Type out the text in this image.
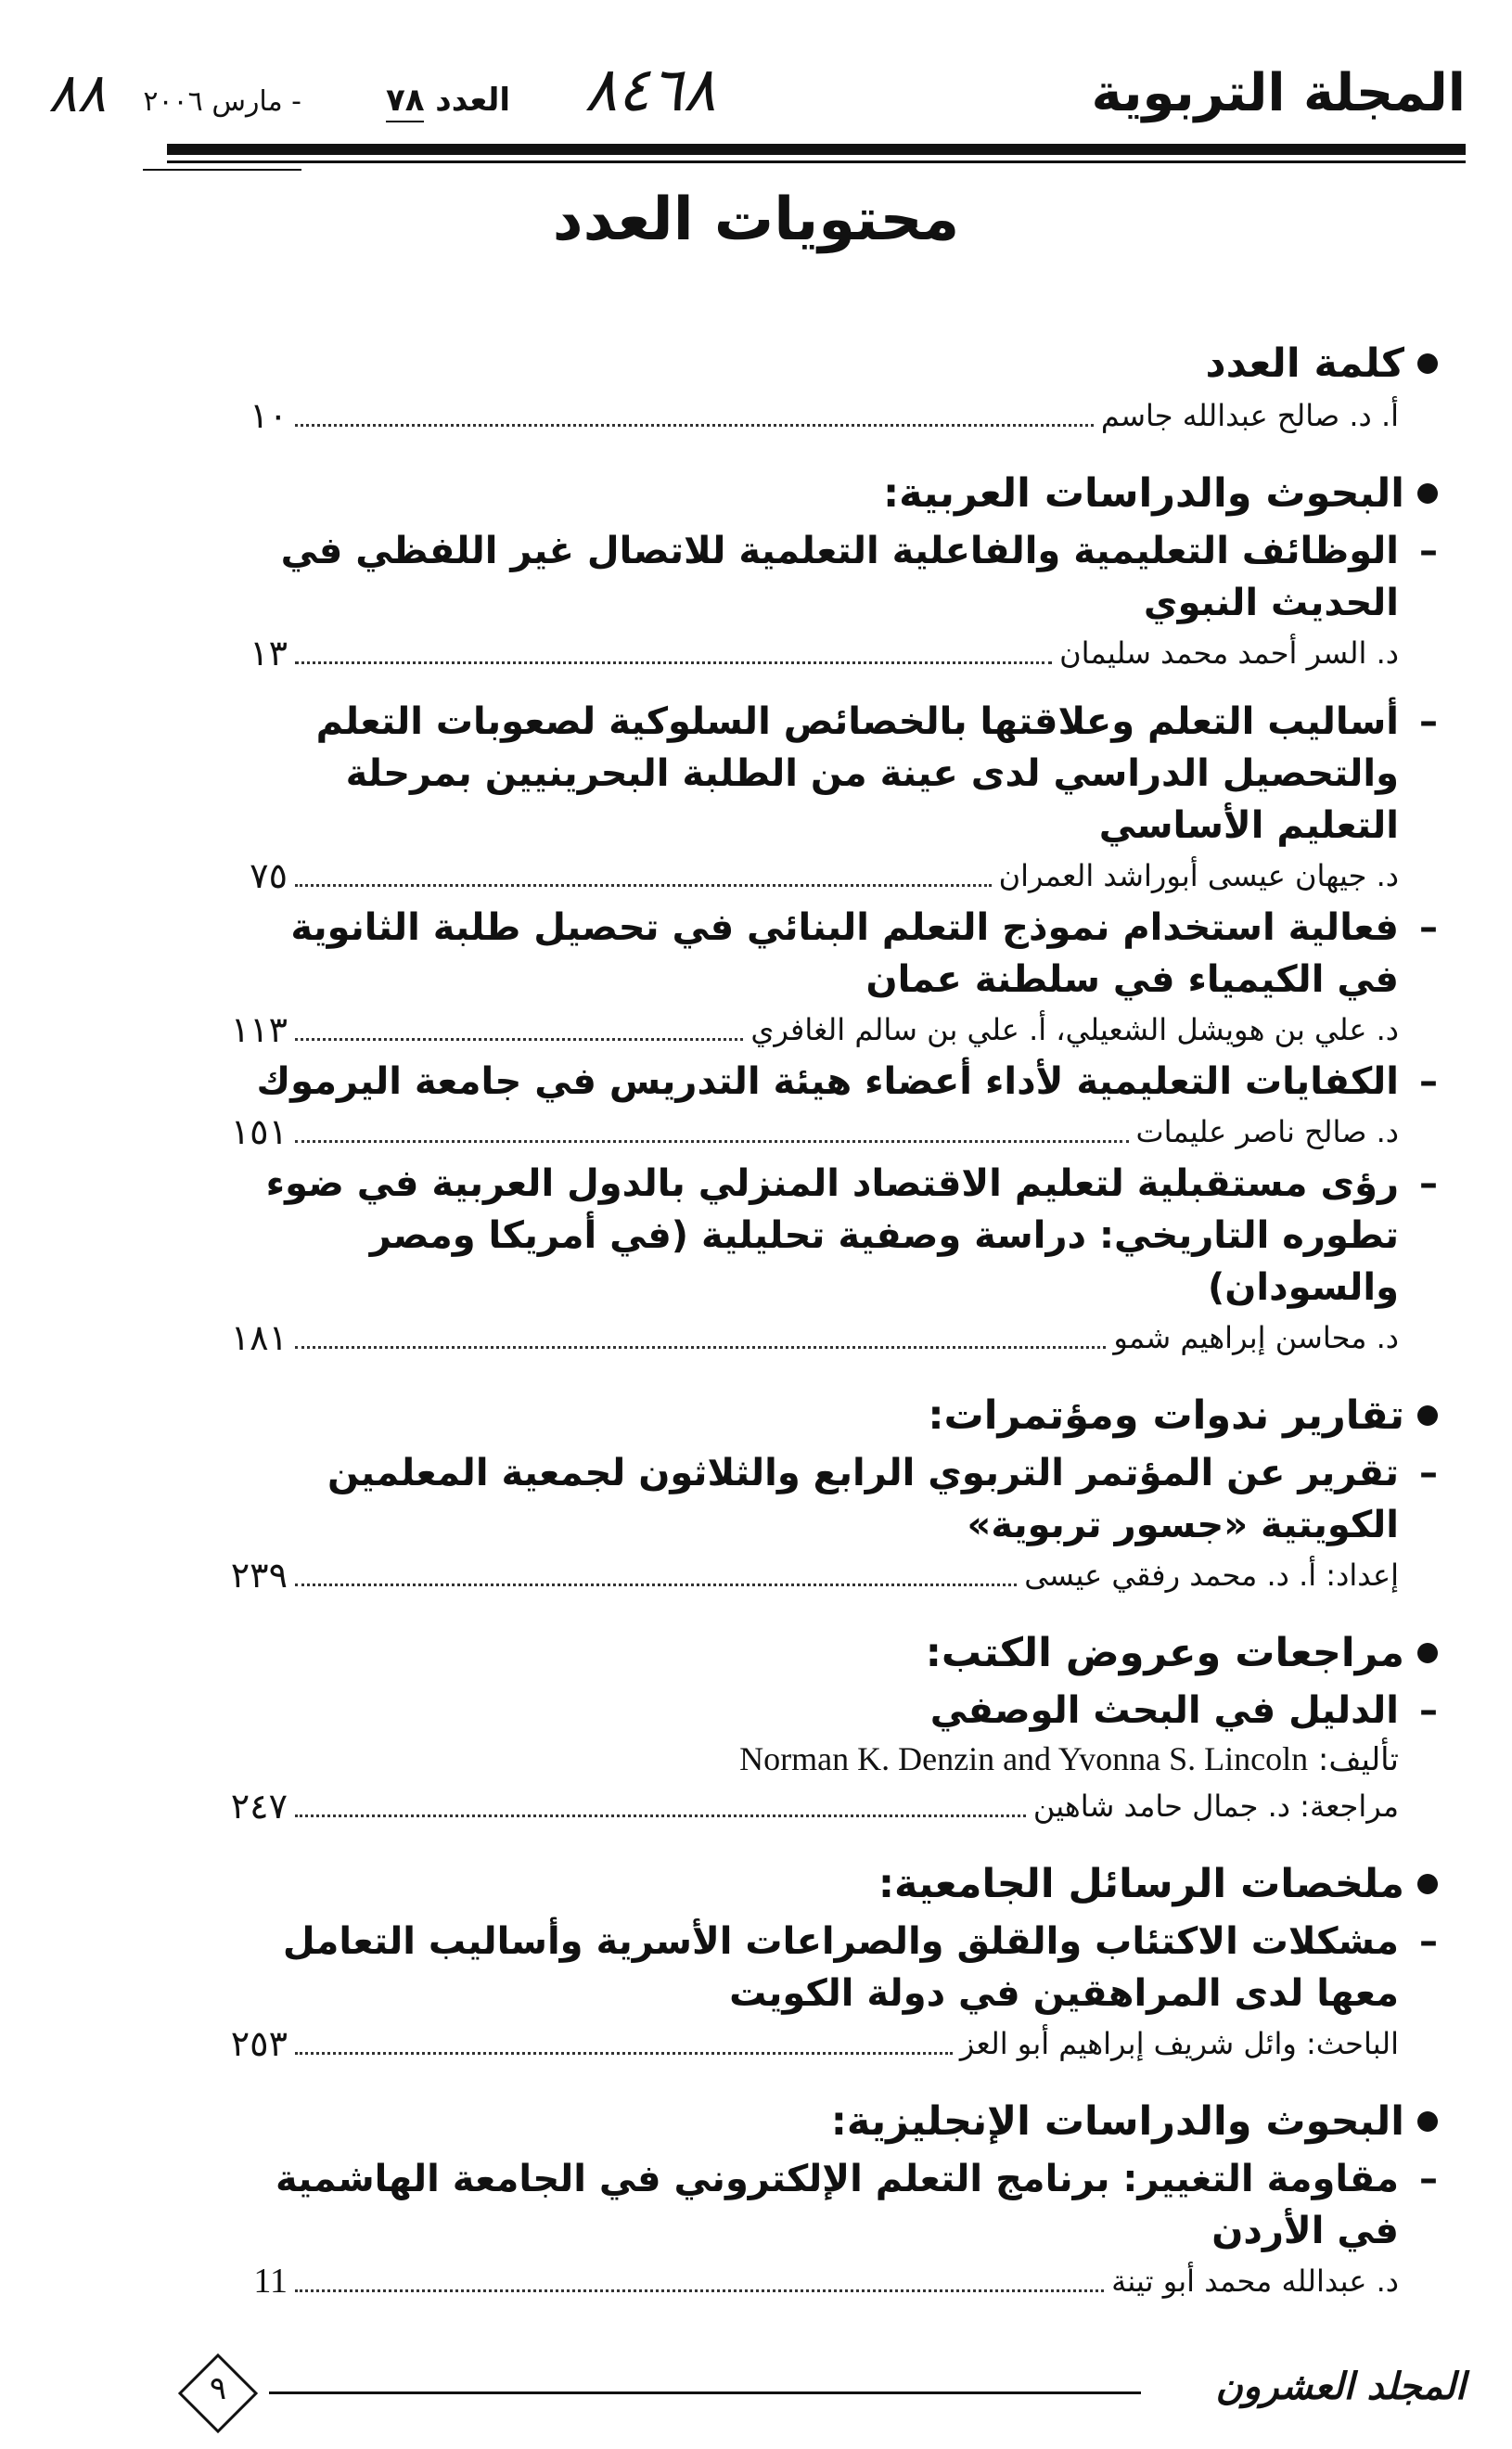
المجلة التربوية
العدد ٧٨
- مارس ٢٠٠٦	٨٤٦٨
٨٨
محتويات العدد
كلمة العدد
أ. د. صالح عبدالله جاسم
١٠
البحوث والدراسات العربية:
–
الوظائف التعليمية والفاعلية التعلمية للاتصال غير اللفظي في الحديث النبوي
د. السر أحمد محمد سليمان
١٣
–
أساليب التعلم وعلاقتها بالخصائص السلوكية لصعوبات التعلم والتحصيل الدراسي لدى عينة من الطلبة البحرينيين بمرحلة التعليم الأساسي
د. جيهان عيسى أبوراشد العمران
٧٥
–
فعالية استخدام نموذج التعلم البنائي في تحصيل طلبة الثانوية في الكيمياء في سلطنة عمان
د. علي بن هويشل الشعيلي، أ. علي بن سالم الغافري
١١٣
–
الكفايات التعليمية لأداء أعضاء هيئة التدريس في جامعة اليرموك
د. صالح ناصر عليمات
١٥١
–
رؤى مستقبلية لتعليم الاقتصاد المنزلي بالدول العربية في ضوء تطوره التاريخي: دراسة وصفية تحليلية (في أمريكا ومصر والسودان)
د. محاسن إبراهيم شمو
١٨١
تقارير ندوات ومؤتمرات:
–
تقرير عن المؤتمر التربوي الرابع والثلاثون لجمعية المعلمين الكويتية «جسور تربوية»
إعداد: أ. د. محمد رفقي عيسى
٢٣٩
مراجعات وعروض الكتب:
–
الدليل في البحث الوصفي
تأليف: Norman K. Denzin and Yvonna S. Lincoln
مراجعة: د. جمال حامد شاهين
٢٤٧
ملخصات الرسائل الجامعية:
–
مشكلات الاكتئاب والقلق والصراعات الأسرية وأساليب التعامل معها لدى المراهقين في دولة الكويت
الباحث: وائل شريف إبراهيم أبو العز
٢٥٣
البحوث والدراسات الإنجليزية:
–
مقاومة التغيير: برنامج التعلم الإلكتروني في الجامعة الهاشمية في الأردن
د. عبدالله محمد أبو تينة
11
المجلد العشرون
٩
